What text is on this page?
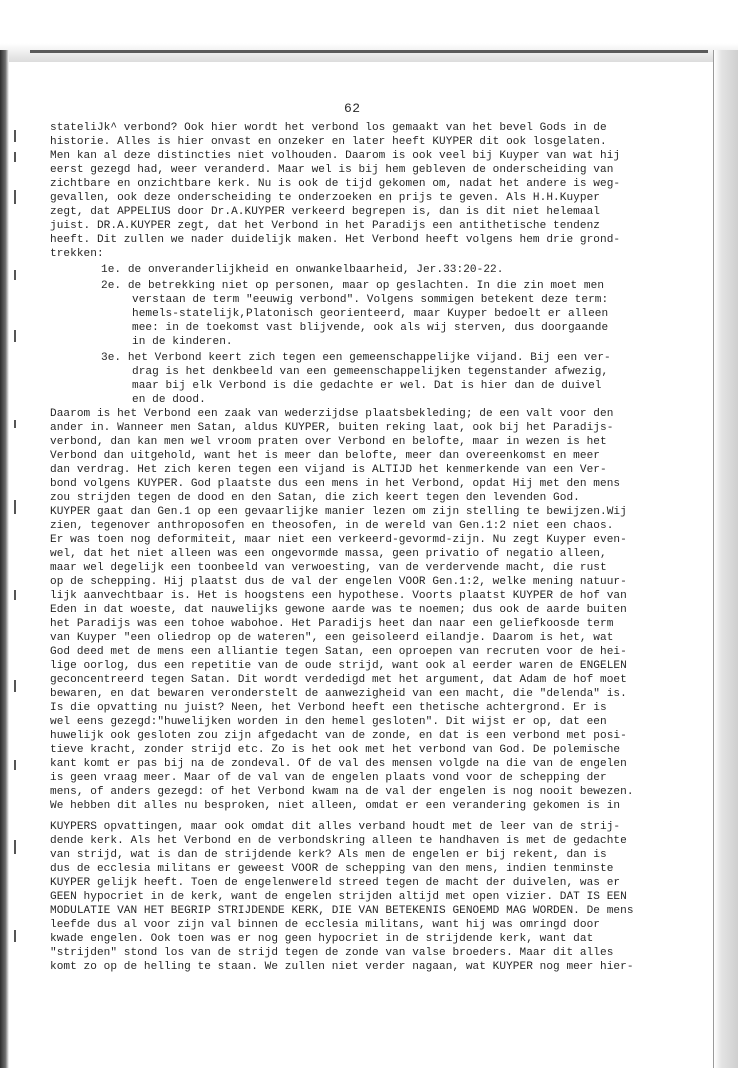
62
stateliJk^ verbond? Ook hier wordt het verbond los gemaakt van het bevel Gods in de
historie. Alles is hier onvast en onzeker en later heeft KUYPER dit ook losgelaten.
Men kan al deze distincties niet volhouden. Daarom is ook veel bij Kuyper van wat hij
eerst gezegd had, weer veranderd. Maar wel is bij hem gebleven de onderscheiding van
zichtbare en onzichtbare kerk. Nu is ook de tijd gekomen om, nadat het andere is weg-
gevallen, ook deze onderscheiding te onderzoeken en prijs te geven. Als H.H.Kuyper
zegt, dat APPELIUS door Dr.A.KUYPER verkeerd begrepen is, dan is dit niet helemaal
juist. DR.A.KUYPER zegt, dat het Verbond in het Paradijs een antithetische tendenz
heeft. Dit zullen we nader duidelijk maken. Het Verbond heeft volgens hem drie grond-
trekken:
1e. de onveranderlijkheid en onwankelbaarheid, Jer.33:20-22.
2e. de betrekking niet op personen, maar op geslachten. In die zin moet men
verstaan de term "eeuwig verbond". Volgens sommigen betekent deze term:
hemels-statelijk,Platonisch georienteerd, maar Kuyper bedoelt er alleen
mee: in de toekomst vast blijvende, ook als wij sterven, dus doorgaande
in de kinderen.
3e. het Verbond keert zich tegen een gemeenschappelijke vijand. Bij een ver-
drag is het denkbeeld van een gemeenschappelijken tegenstander afwezig,
maar bij elk Verbond is die gedachte er wel. Dat is hier dan de duivel
en de dood.
Daarom is het Verbond een zaak van wederzijdse plaatsbekleding; de een valt voor den
ander in. Wanneer men Satan, aldus KUYPER, buiten reking laat, ook bij het Paradijs-
verbond, dan kan men wel vroom praten over Verbond en belofte, maar in wezen is het
Verbond dan uitgehold, want het is meer dan belofte, meer dan overeenkomst en meer
dan verdrag. Het zich keren tegen een vijand is ALTIJD het kenmerkende van een Ver-
bond volgens KUYPER. God plaatste dus een mens in het Verbond, opdat Hij met den mens
zou strijden tegen de dood en den Satan, die zich keert tegen den levenden God.
KUYPER gaat dan Gen.1 op een gevaarlijke manier lezen om zijn stelling te bewijzen.Wij
zien, tegenover anthroposofen en theosofen, in de wereld van Gen.1:2 niet een chaos.
Er was toen nog deformiteit, maar niet een verkeerd-gevormd-zijn. Nu zegt Kuyper even-
wel, dat het niet alleen was een ongevormde massa, geen privatio of negatio alleen,
maar wel degelijk een toonbeeld van verwoesting, van de verdervende macht, die rust
op de schepping. Hij plaatst dus de val der engelen VOOR Gen.1:2, welke mening natuur-
lijk aanvechtbaar is. Het is hoogstens een hypothese. Voorts plaatst KUYPER de hof van
Eden in dat woeste, dat nauwelijks gewone aarde was te noemen; dus ook de aarde buiten
het Paradijs was een tohoe wabohoe. Het Paradijs heet dan naar een geliefkoosde term
van Kuyper "een oliedrop op de wateren", een geisoleerd eilandje. Daarom is het, wat
God deed met de mens een alliantie tegen Satan, een oproepen van recruten voor de hei-
lige oorlog, dus een repetitie van de oude strijd, want ook al eerder waren de ENGELEN
geconcentreerd tegen Satan. Dit wordt verdedigd met het argument, dat Adam de hof moet
bewaren, en dat bewaren veronderstelt de aanwezigheid van een macht, die "delenda" is.
Is die opvatting nu juist? Neen, het Verbond heeft een thetische achtergrond. Er is
wel eens gezegd:"huwelijken worden in den hemel gesloten". Dit wijst er op, dat een
huwelijk ook gesloten zou zijn afgedacht van de zonde, en dat is een verbond met posi-
tieve kracht, zonder strijd etc. Zo is het ook met het verbond van God. De polemische
kant komt er pas bij na de zondeval. Of de val des mensen volgde na die van de engelen
is geen vraag meer. Maar of de val van de engelen plaats vond voor de schepping der
mens, of anders gezegd: of het Verbond kwam na de val der engelen is nog nooit bewezen.
We hebben dit alles nu besproken, niet alleen, omdat er een verandering gekomen is in
KUYPERS opvattingen, maar ook omdat dit alles verband houdt met de leer van de strij-
dende kerk. Als het Verbond en de verbondskring alleen te handhaven is met de gedachte
van strijd, wat is dan de strijdende kerk? Als men de engelen er bij rekent, dan is
dus de ecclesia militans er geweest VOOR de schepping van den mens, indien tenminste
KUYPER gelijk heeft. Toen de engelenwereld streed tegen de macht der duivelen, was er
GEEN hypocriet in de kerk, want de engelen strijden altijd met open vizier. DAT IS EEN
MODULATIE VAN HET BEGRIP STRIJDENDE KERK, DIE VAN BETEKENIS GENOEMD MAG WORDEN. De mens
leefde dus al voor zijn val binnen de ecclesia militans, want hij was omringd door
kwade engelen. Ook toen was er nog geen hypocriet in de strijdende kerk, want dat
"strijden" stond los van de strijd tegen de zonde van valse broeders. Maar dit alles
komt zo op de helling te staan. We zullen niet verder nagaan, wat KUYPER nog meer hier-
